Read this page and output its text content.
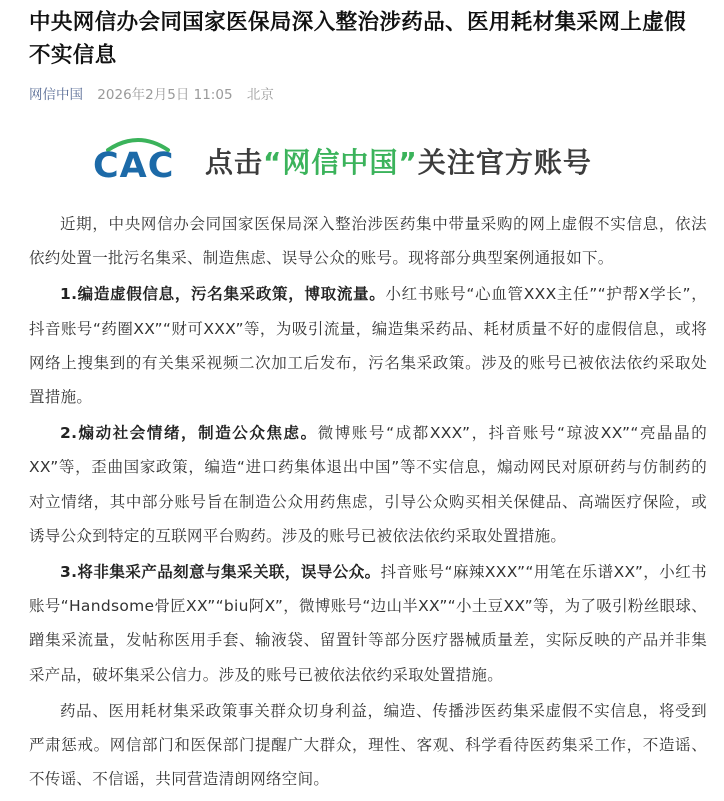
中央网信办会同国家医保局深入整治涉药品、医用耗材集采网上虚假不实信息
网信中国 2026年2月5日 11:05 北京
CAC 点击“网信中国”关注官方账号

近期，中央网信办会同国家医保局深入整治涉医药集中带量采购的网上虚假不实信息，依法依约处置一批污名集采、制造焦虑、误导公众的账号。现将部分典型案例通报如下。

1.编造虚假信息，污名集采政策，博取流量。小红书账号“心血管XXX主任”“护帮X学长”，抖音账号“药圈XX”“财可XXX”等，为吸引流量，编造集采药品、耗材质量不好的虚假信息，或将网络上搜集到的有关集采视频二次加工后发布，污名集采政策。涉及的账号已被依法依约采取处置措施。

2.煽动社会情绪，制造公众焦虑。微博账号“成都XXX”，抖音账号“琼波XX”“亮晶晶的XX”等，歪曲国家政策，编造“进口药集体退出中国”等不实信息，煽动网民对原研药与仿制药的对立情绪，其中部分账号旨在制造公众用药焦虑，引导公众购买相关保健品、高端医疗保险，或诱导公众到特定的互联网平台购药。涉及的账号已被依法依约采取处置措施。

3.将非集采产品刻意与集采关联，误导公众。抖音账号“麻辣XXX”“用笔在乐谱XX”，小红书账号“Handsome骨匠XX”“biu阿X”，微博账号“边山半XX”“小土豆XX”等，为了吸引粉丝眼球、蹭集采流量，发帖称医用手套、输液袋、留置针等部分医疗器械质量差，实际反映的产品并非集采产品，破坏集采公信力。涉及的账号已被依法依约采取处置措施。

药品、医用耗材集采政策事关群众切身利益，编造、传播涉医药集采虚假不实信息，将受到严肃惩戒。网信部门和医保部门提醒广大群众，理性、客观、科学看待医药集采工作，不造谣、不传谣、不信谣，共同营造清朗网络空间。
